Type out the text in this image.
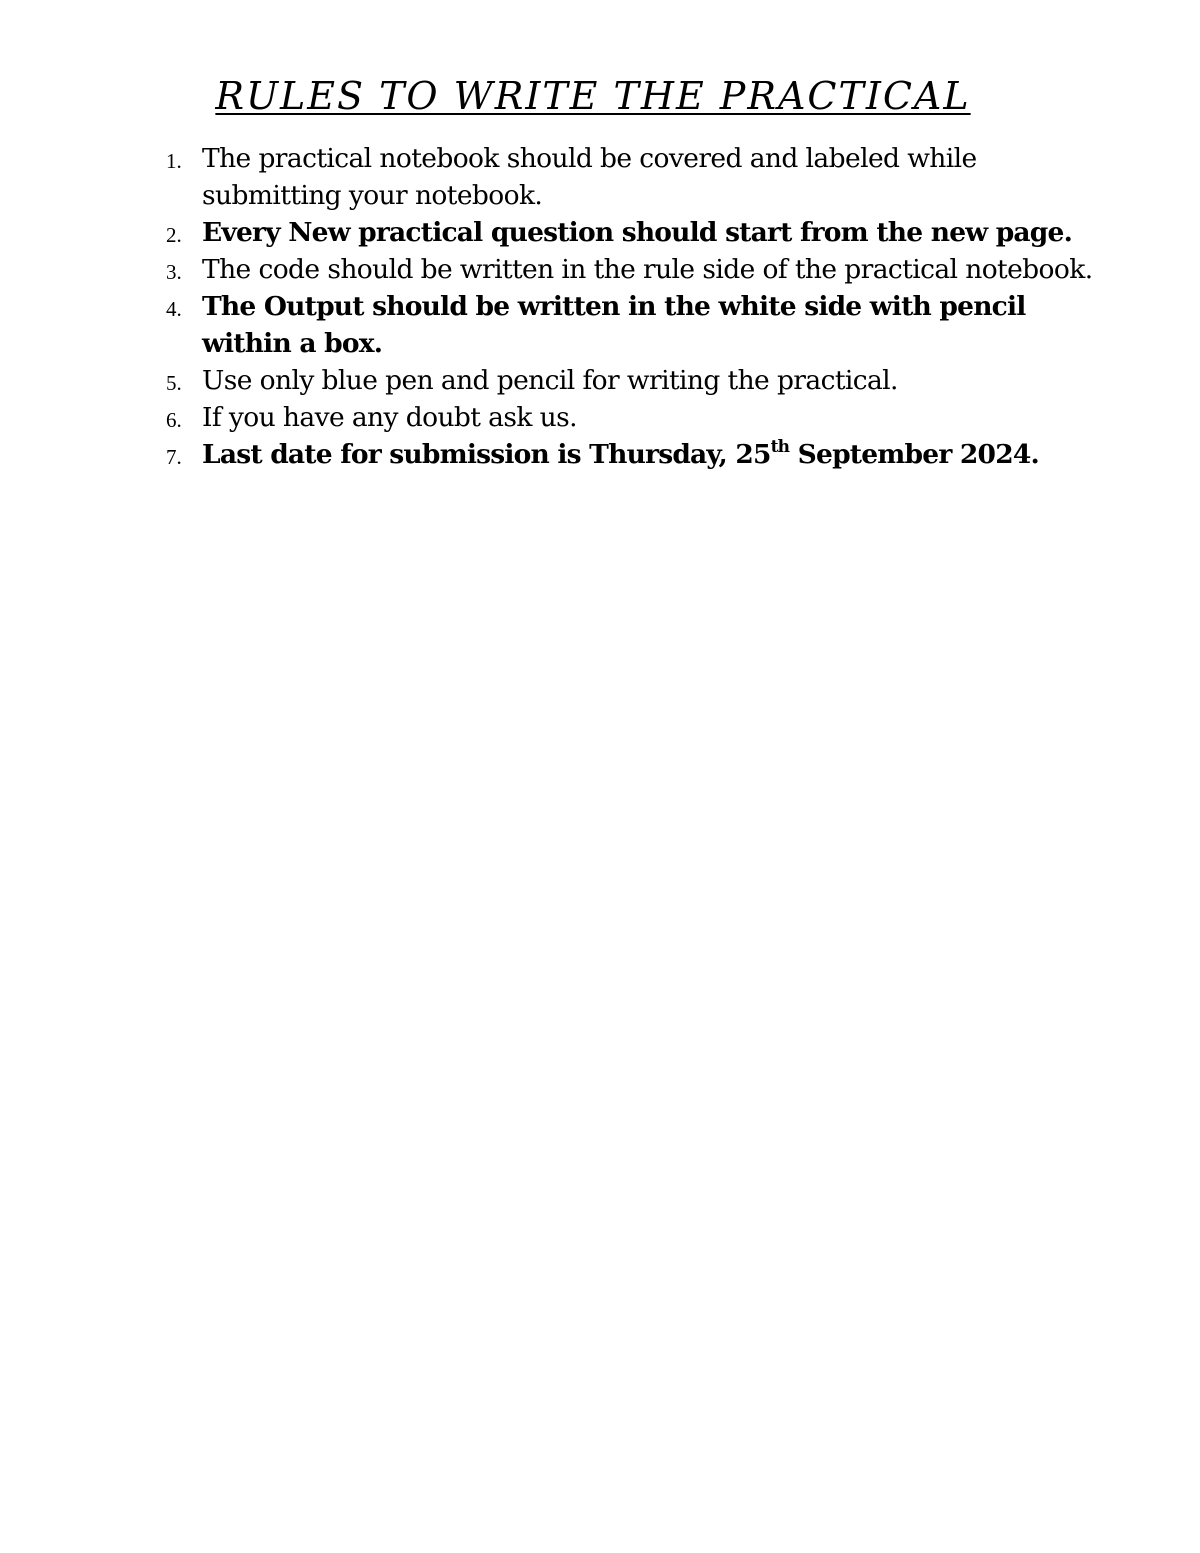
RULES TO WRITE THE PRACTICAL
1. The practical notebook should be covered and labeled while submitting your notebook.
2. Every New practical question should start from the new page.
3. The code should be written in the rule side of the practical notebook.
4. The Output should be written in the white side with pencil within a box.
5. Use only blue pen and pencil for writing the practical.
6. If you have any doubt ask us.
7. Last date for submission is Thursday, 25th September 2024.
